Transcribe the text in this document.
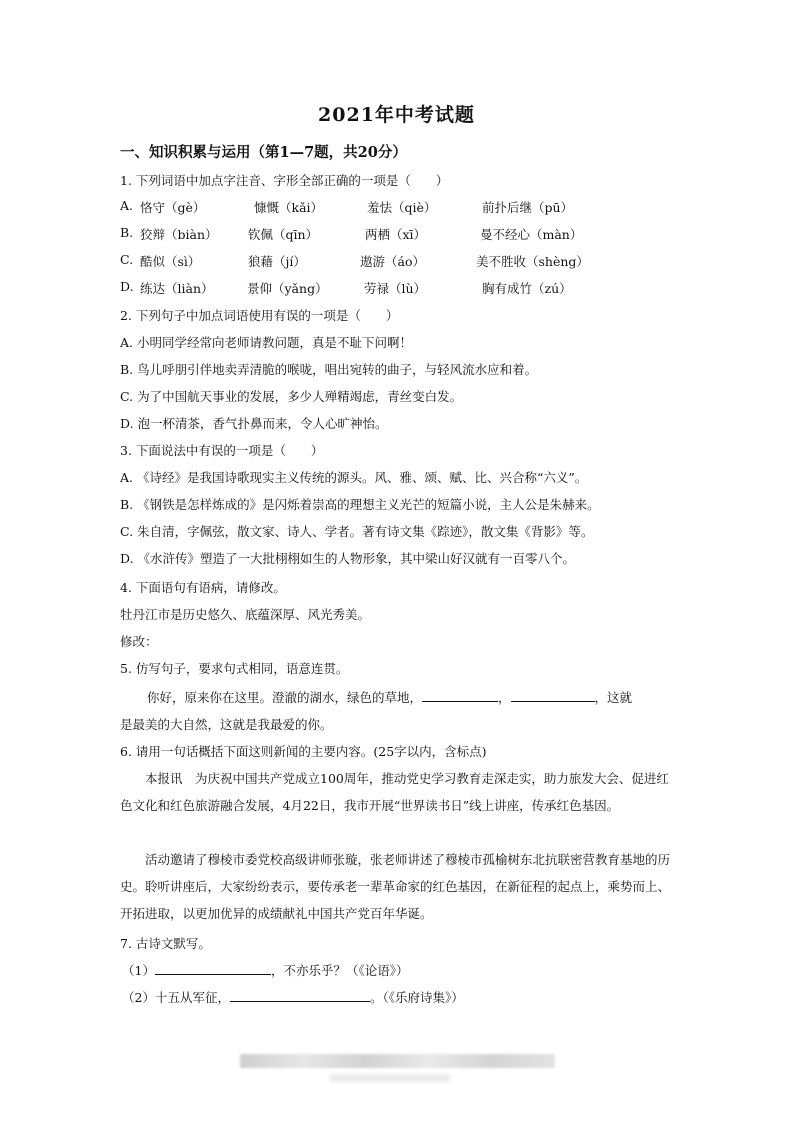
2021年中考试题
一、知识积累与运用（第1—7题，共20分）
1. 下列词语中加点字注音、字形全部正确的一项是（　　）
A. 恪守（gè）	慷慨（kǎi）	羞怯（qiè）	前扑后继（pū）
B. 狡辩（biàn） 钦佩（qīn）	两栖（xī）	曼不经心（màn）
C. 酷似（sì）	狼藉（jí）	遨游（áo）	美不胜收（shèng）
D. 练达（liàn）	景仰（yǎng）	劳禄（lù）	胸有成竹（zú）
2. 下列句子中加点词语使用有误的一项是（　　）
A. 小明同学经常向老师请教问题，真是不耻下问啊！
B. 鸟儿呼朋引伴地卖弄清脆的喉咙，唱出宛转的曲子，与轻风流水应和着。
C. 为了中国航天事业的发展，多少人殚精竭虑，青丝变白发。
D. 泡一杯清茶，香气扑鼻而来，令人心旷神怡。
3. 下面说法中有误的一项是（　　）
A. 《诗经》是我国诗歌现实主义传统的源头。风、雅、颂、赋、比、兴合称“六义”。
B. 《钢铁是怎样炼成的》是闪烁着崇高的理想主义光芒的短篇小说，主人公是朱赫来。
C. 朱自清，字佩弦，散文家、诗人、学者。著有诗文集《踪迹》，散文集《背影》等。
D. 《水浒传》塑造了一大批栩栩如生的人物形象，其中梁山好汉就有一百零八个。
4. 下面语句有语病，请修改。
牡丹江市是历史悠久、底蕴深厚、风光秀美。
修改：
5. 仿写句子，要求句式相同，语意连贯。
你好，原来你在这里。澄澈的湖水，绿色的草地，	，	，这就
是最美的大自然，这就是我最爱的你。
6. 请用一句话概括下面这则新闻的主要内容。(25字以内，含标点)
本报讯　为庆祝中国共产党成立100周年，推动党史学习教育走深走实，助力旅发大会、促进红色文化和红色旅游融合发展，4月22日，我市开展“世界读书日”线上讲座，传承红色基因。
活动邀请了穆棱市委党校高级讲师张璇，张老师讲述了穆棱市孤榆树东北抗联密营教育基地的历史。聆听讲座后，大家纷纷表示，要传承老一辈革命家的红色基因，在新征程的起点上，乘势而上、开拓进取，以更加优异的成绩献礼中国共产党百年华诞。
7. 古诗文默写。
（1）	，不亦乐乎？（《论语》）
（2）十五从军征，	。（《乐府诗集》）
